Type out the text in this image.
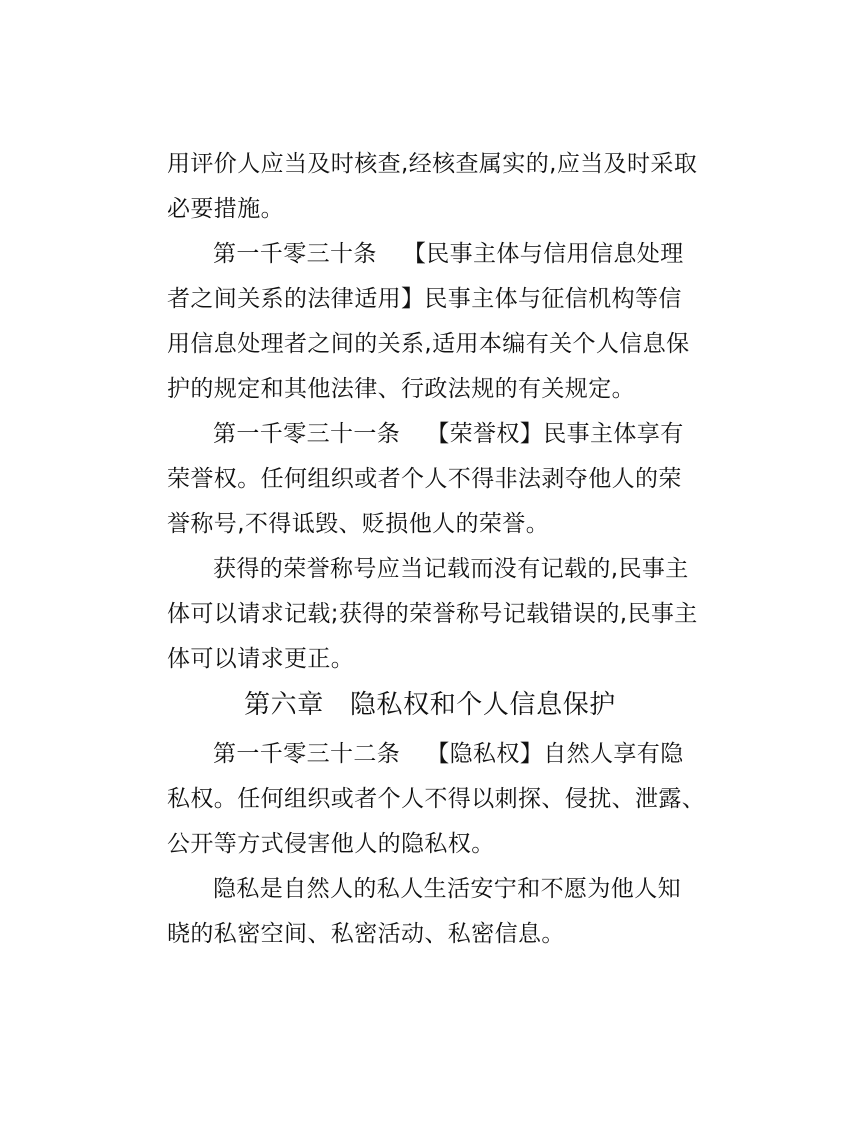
用评价人应当及时核查,经核查属实的,应当及时采取
必要措施。
第一千零三十条 【民事主体与信用信息处理
者之间关系的法律适用】民事主体与征信机构等信
用信息处理者之间的关系,适用本编有关个人信息保
护的规定和其他法律、行政法规的有关规定。
第一千零三十一条 【荣誉权】民事主体享有
荣誉权。任何组织或者个人不得非法剥夺他人的荣
誉称号,不得诋毁、贬损他人的荣誉。
获得的荣誉称号应当记载而没有记载的,民事主
体可以请求记载;获得的荣誉称号记载错误的,民事主
体可以请求更正。
第六章 隐私权和个人信息保护
第一千零三十二条 【隐私权】自然人享有隐
私权。任何组织或者个人不得以刺探、侵扰、泄露、
公开等方式侵害他人的隐私权。
隐私是自然人的私人生活安宁和不愿为他人知
晓的私密空间、私密活动、私密信息。
